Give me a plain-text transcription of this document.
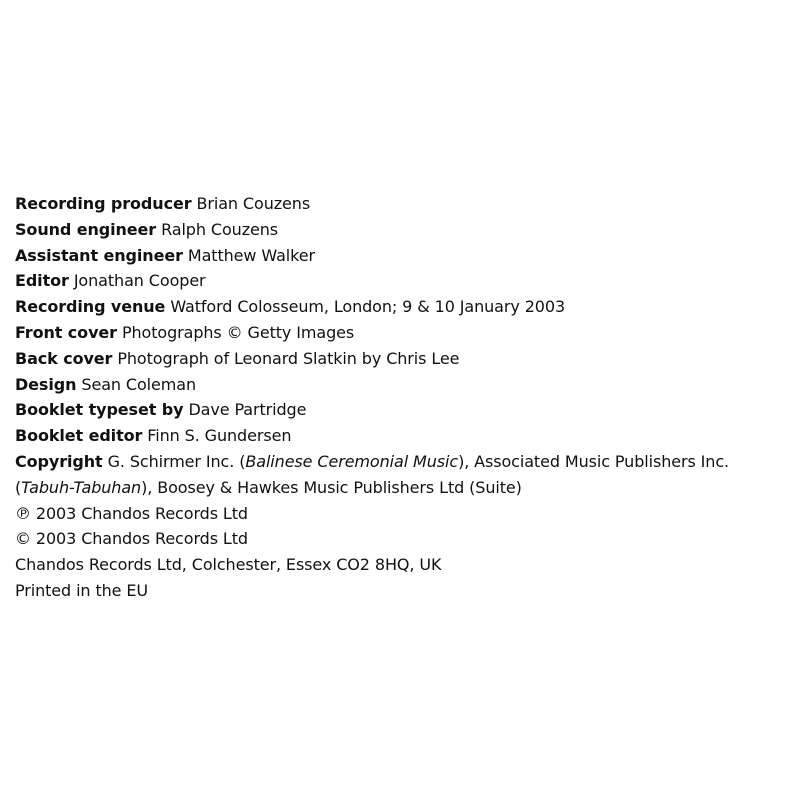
Recording producer Brian Couzens
Sound engineer Ralph Couzens
Assistant engineer Matthew Walker
Editor Jonathan Cooper
Recording venue Watford Colosseum, London; 9 & 10 January 2003
Front cover Photographs © Getty Images
Back cover Photograph of Leonard Slatkin by Chris Lee
Design Sean Coleman
Booklet typeset by Dave Partridge
Booklet editor Finn S. Gundersen
Copyright G. Schirmer Inc. (Balinese Ceremonial Music), Associated Music Publishers Inc.
(Tabuh-Tabuhan), Boosey & Hawkes Music Publishers Ltd (Suite)
℗ 2003 Chandos Records Ltd
© 2003 Chandos Records Ltd
Chandos Records Ltd, Colchester, Essex CO2 8HQ, UK
Printed in the EU
